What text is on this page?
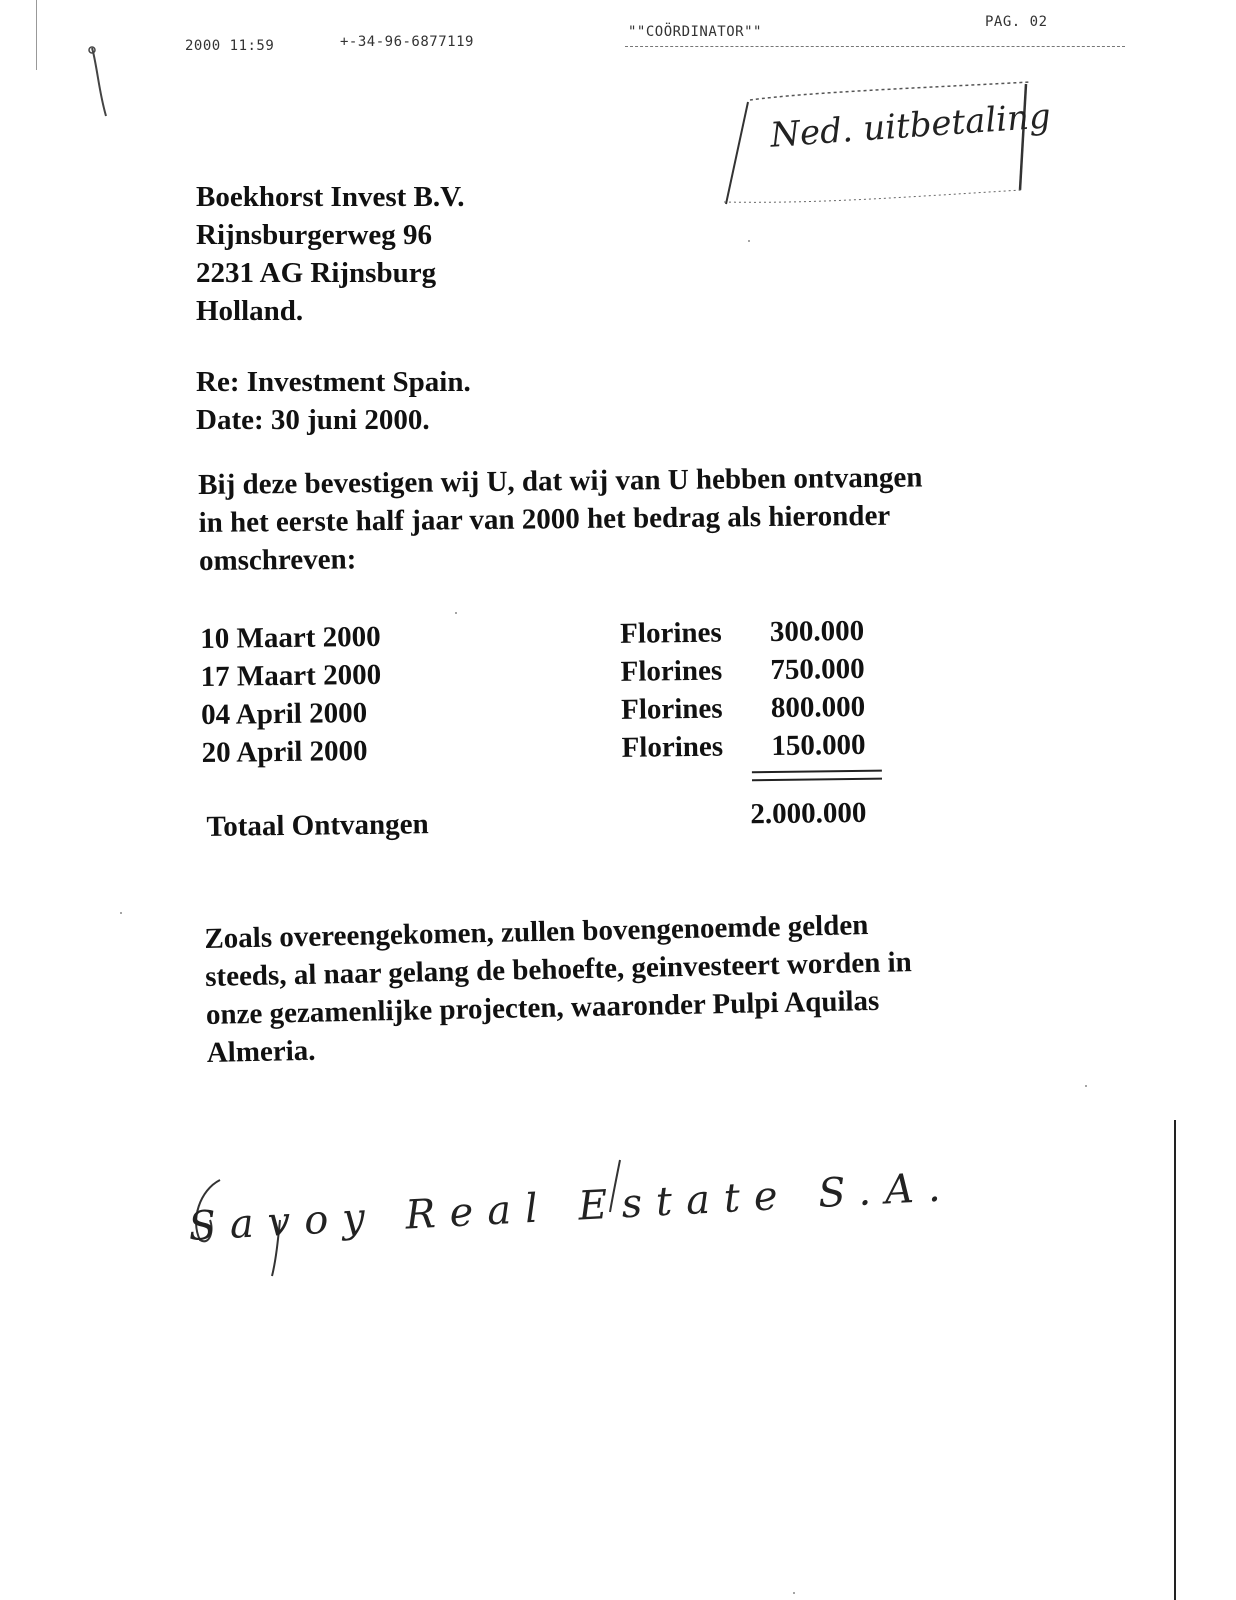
2000 11:59	+-34-96-6877119
""COÖRDINATOR""
PAG. 02
Ned. uitbetaling
Boekhorst Invest B.V.
Rijnsburgerweg 96
2231 AG Rijnsburg
Holland.
Re: Investment Spain.
Date: 30 juni 2000.
Bij deze bevestigen wij U, dat wij van U hebben ontvangen
in het eerste half jaar van 2000 het bedrag als hieronder
omschreven:
10 Maart 2000	Florines	300.000
17 Maart 2000	Florines	750.000
04 April 2000	Florines	800.000
20 April 2000	Florines	150.000
Totaal Ontvangen	2.000.000
Zoals overeengekomen, zullen bovengenoemde gelden
steeds, al naar gelang de behoefte, geinvesteert worden in
onze gezamenlijke projecten, waaronder Pulpi Aquilas
Almeria.
Savoy Real Estate S.A.
